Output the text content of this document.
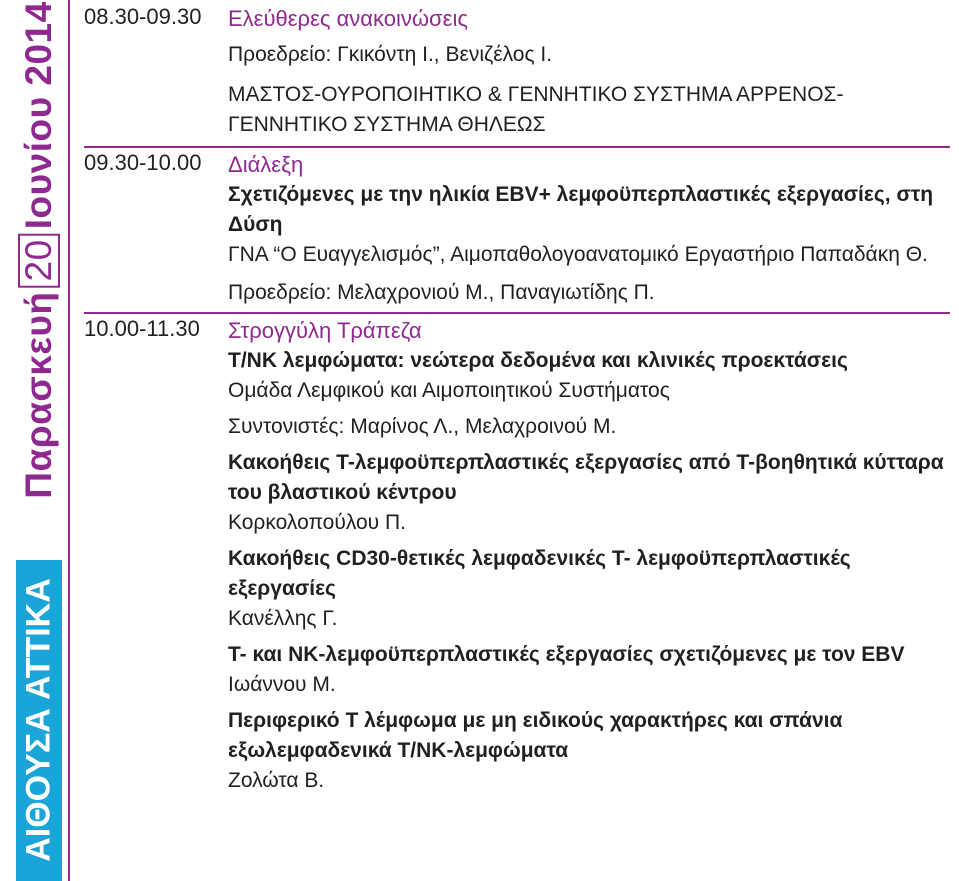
Παρασκευή20Ιουνίου 2014
ΑΙΘΟΥΣΑ ΑΤΤΙΚΑ
08.30-09.30 Ελεύθερες ανακοινώσεις
Προεδρείο: Γκικόντη Ι., Βενιζέλος Ι.
ΜΑΣΤΟΣ-ΟΥΡΟΠΟΙΗΤΙΚΟ & ΓΕΝΝΗΤΙΚΟ ΣΥΣΤΗΜΑ ΑΡΡΕΝΟΣ-ΓΕΝΝΗΤΙΚΟ ΣΥΣΤΗΜΑ ΘΗΛΕΩΣ
09.30-10.00 Διάλεξη
Σχετιζόμενες με την ηλικία EBV+ λεμφοϋπερπλαστικές εξεργασίες, στη Δύση
ΓΝΑ “Ο Ευαγγελισμός”, Αιμοπαθολογοανατομικό Εργαστήριο Παπαδάκη Θ.
Προεδρείο: Μελαχρονιού Μ., Παναγιωτίδης Π.
10.00-11.30 Στρογγύλη Τράπεζα
Τ/ΝΚ λεμφώματα: νεώτερα δεδομένα και κλινικές προεκτάσεις
Ομάδα Λεμφικού και Αιμοποιητικού Συστήματος
Συντονιστές: Μαρίνος Λ., Μελαχροινού Μ.
Κακοήθεις Τ-λεμφοϋπερπλαστικές εξεργασίες από Τ-βοηθητικά κύτταρα του βλαστικού κέντρου
Κορκολοπούλου Π.
Κακοήθεις CD30-θετικές λεμφαδενικές Τ- λεμφοϋπερπλαστικές εξεργασίες
Κανέλλης Γ.
Τ- και ΝΚ-λεμφοϋπερπλαστικές εξεργασίες σχετιζόμενες με τον EBV
Ιωάννου Μ.
Περιφερικό Τ λέμφωμα με μη ειδικούς χαρακτήρες και σπάνια εξωλεμφαδενικά Τ/ΝΚ-λεμφώματα
Ζολώτα Β.
